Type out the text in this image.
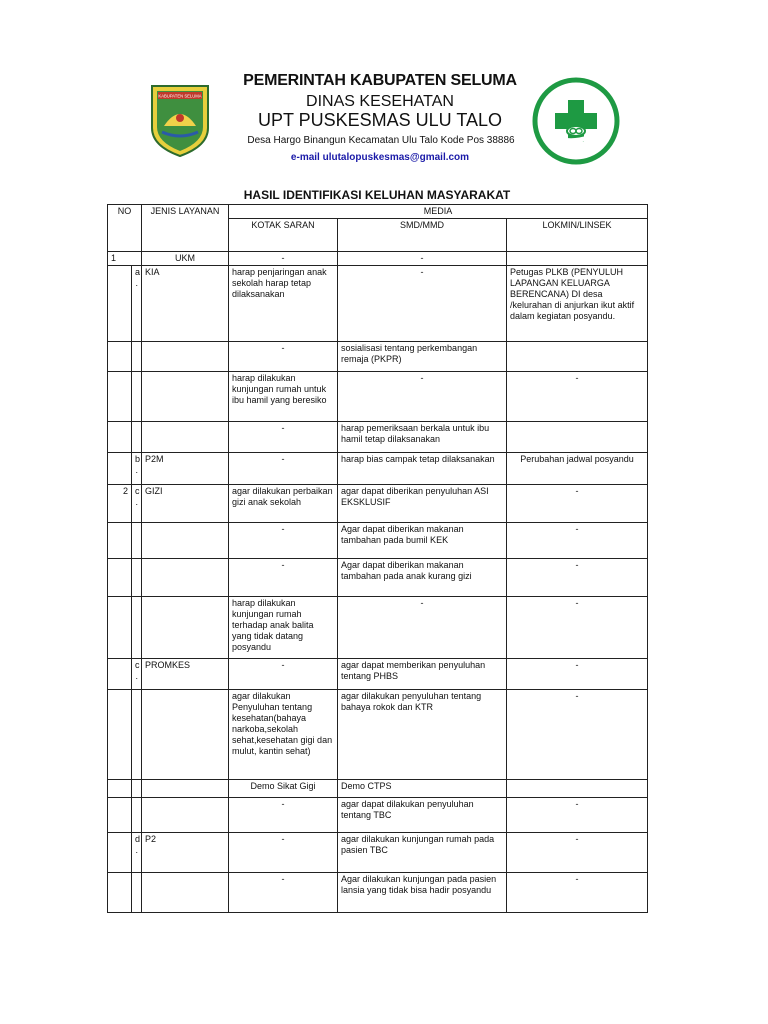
KABUPATEN SELUMA
PEMERINTAH KABUPATEN SELUMA
DINAS KESEHATAN
UPT PUSKESMAS ULU TALO
Desa Hargo Binangun Kecamatan Ulu Talo Kode Pos 38886
e-mail ulutalopuskesmas@gmail.com
HASIL IDENTIFIKASI KELUHAN MASYARAKAT
NO		JENIS LAYANAN	MEDIA		
			KOTAK SARAN	SMD/MMD	LOKMIN/LINSEK
1		UKM	-	-	
	a.	KIA	harap penjaringan anak sekolah harap tetap dilaksanakan	-	Petugas PLKB (PENYULUH LAPANGAN KELUARGA BERENCANA) DI desa /kelurahan di anjurkan ikut aktif dalam kegiatan posyandu.
			-	sosialisasi tentang perkembangan remaja (PKPR)	
			harap dilakukan kunjungan rumah untuk ibu hamil yang beresiko	-	-
			-	harap pemeriksaan berkala untuk ibu hamil tetap dilaksanakan	
	b.	P2M	-	harap bias campak tetap dilaksanakan	Perubahan jadwal posyandu
2	c.	GIZI	agar dilakukan perbaikan gizi anak sekolah	agar dapat diberikan penyuluhan ASI EKSKLUSIF	-
			-	Agar dapat diberikan makanan tambahan pada bumil KEK	-
			-	Agar dapat diberikan makanan tambahan pada anak kurang gizi	-
			harap dilakukan kunjungan rumah terhadap anak balita yang tidak datang posyandu	-	-
	c.	PROMKES	-	agar dapat memberikan penyuluhan tentang PHBS	-
			agar dilakukan Penyuluhan tentang kesehatan(bahaya narkoba,sekolah sehat,kesehatan gigi dan mulut, kantin sehat)	agar dilakukan penyuluhan tentang bahaya rokok dan KTR	-
			Demo Sikat Gigi	Demo CTPS	
			-	agar dapat dilakukan penyuluhan tentang TBC	-
	d.	P2	-	agar dilakukan kunjungan rumah pada pasien TBC	-
			-	Agar dilakukan kunjungan pada pasien lansia yang tidak bisa hadir posyandu	-
